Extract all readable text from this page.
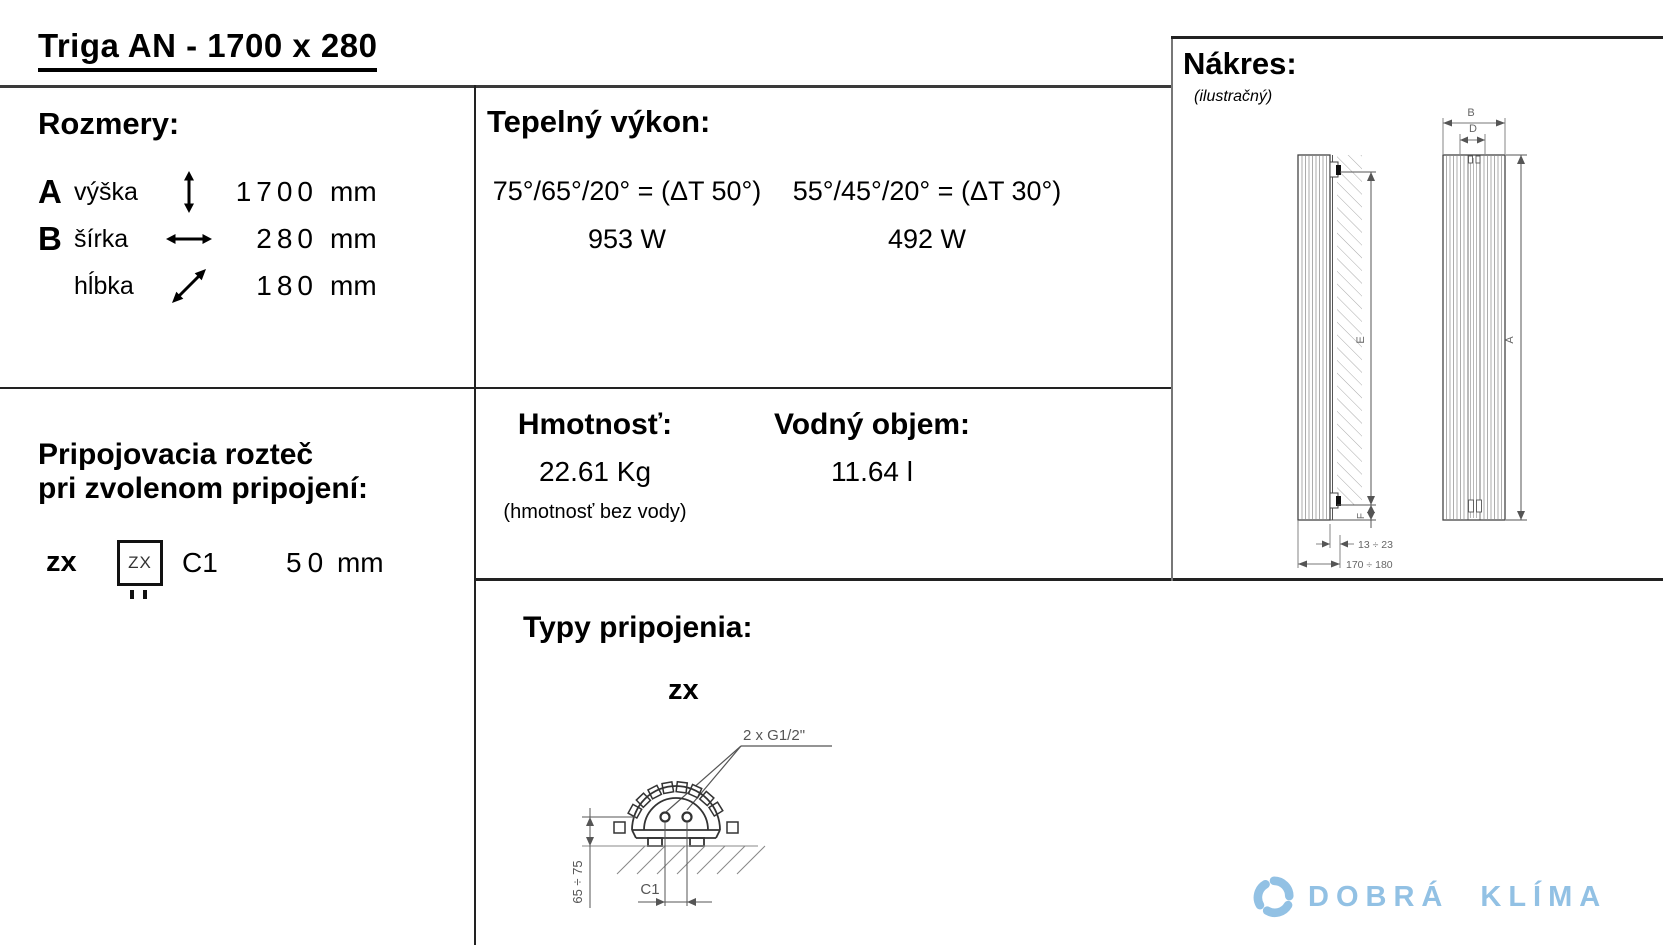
Triga AN - 1700 x 280
Rozmery:
A výška	1700 mm
B šírka	280 mm
hĺbka	180 mm
Tepelný výkon:
75°/65°/20° = (ΔT 50°)
953 W
55°/45°/20° = (ΔT 30°)
492 W
Pripojovacia rozteč
pri zvolenom pripojení:
zx	ZX	C1 50 mm
Hmotnosť:
22.61 Kg
(hmotnosť bez vody)
Vodný objem:
11.64 l
Typy pripojenia:
zx
2 x G1/2"
65 ÷ 75	C1
Nákres:
(ilustračný)
E
F
13 ÷ 23
170 ÷ 180
B
D
A
DOBRÁ KLÍMA
